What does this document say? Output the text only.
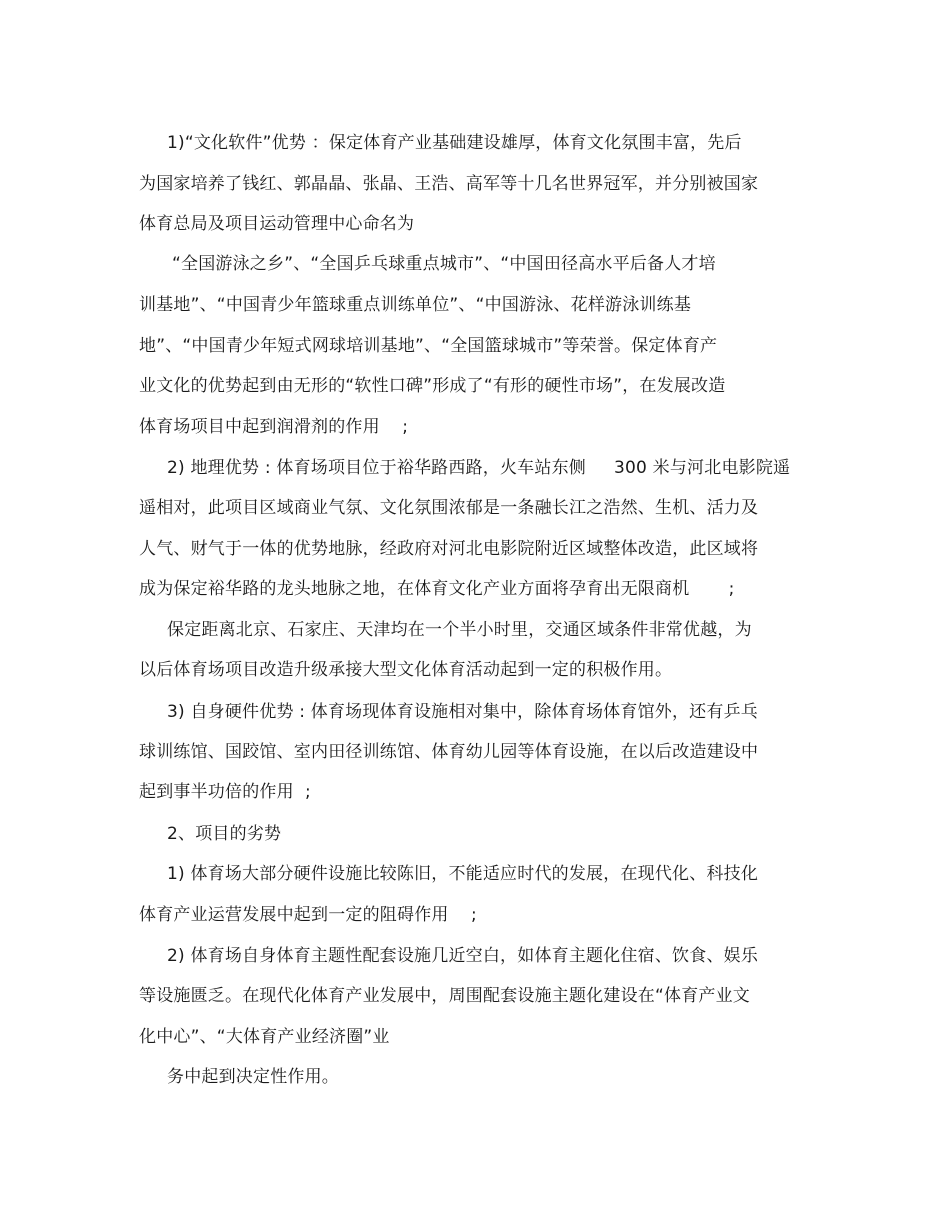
1)“文化软件”优势 ：保定体育产业基础建设雄厚，体育文化氛围丰富，先后
为国家培养了钱红、郭晶晶、张晶、王浩、高军等十几名世界冠军，并分别被国家
体育总局及项目运动管理中心命名为
“全国游泳之乡”、“全国乒乓球重点城市”、“中国田径高水平后备人才培
训基地”、“中国青少年篮球重点训练单位”、“中国游泳、花样游泳训练基
地”、“中国青少年短式网球培训基地”、“全国篮球城市”等荣誉。保定体育产
业文化的优势起到由无形的“软性口碑”形成了“有形的硬性市场”，在发展改造
体育场项目中起到润滑剂的作用    ;
2) 地理优势 : 体育场项目位于裕华路西路，火车站东侧     300 米与河北电影院遥
遥相对，此项目区域商业气氛、文化氛围浓郁是一条融长江之浩然、生机、活力及
人气、财气于一体的优势地脉，经政府对河北电影院附近区域整体改造，此区域将
成为保定裕华路的龙头地脉之地，在体育文化产业方面将孕育出无限商机       ;
保定距离北京、石家庄、天津均在一个半小时里，交通区域条件非常优越，为
以后体育场项目改造升级承接大型文化体育活动起到一定的积极作用。
3) 自身硬件优势 : 体育场现体育设施相对集中，除体育场体育馆外，还有乒乓
球训练馆、国跤馆、室内田径训练馆、体育幼儿园等体育设施，在以后改造建设中
起到事半功倍的作用  ;
2、项目的劣势
1) 体育场大部分硬件设施比较陈旧，不能适应时代的发展，在现代化、科技化
体育产业运营发展中起到一定的阻碍作用    ;
2) 体育场自身体育主题性配套设施几近空白，如体育主题化住宿、饮食、娱乐
等设施匮乏。在现代化体育产业发展中，周围配套设施主题化建设在“体育产业文
化中心”、“大体育产业经济圈”业
务中起到决定性作用。
